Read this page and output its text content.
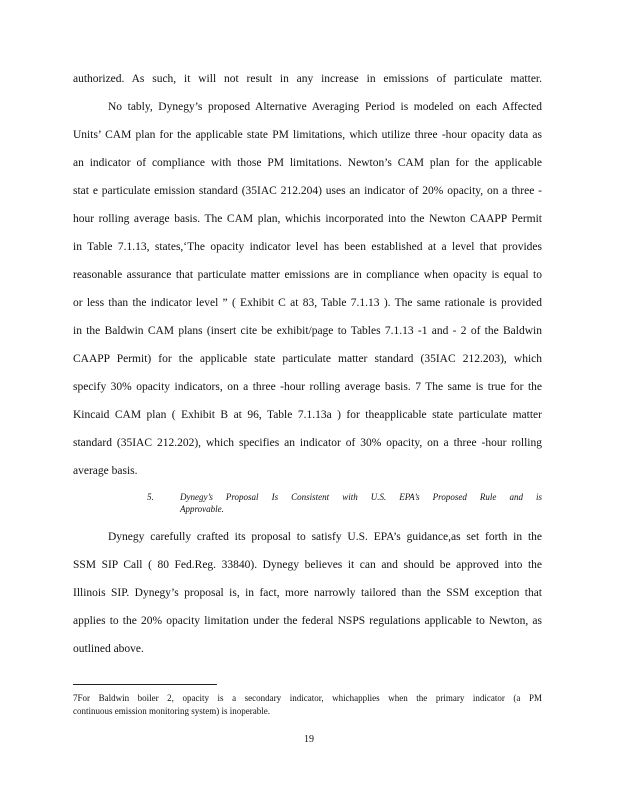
authorized. As such, it will not result in any increase in emissions of particulate matter.

No tably, Dynegy’s proposed Alternative Averaging Period is modeled on each Affected

Units’ CAM plan for the applicable state PM limitations, which utilize three -hour opacity data as

an indicator of compliance with those PM limitations. Newton’s CAM plan for the applicable

stat e particulate emission standard (35IAC 212.204) uses an indicator of 20% opacity, on a three -

hour rolling average basis. The CAM plan, whichis incorporated into the Newton CAAPP Permit

in Table 7.1.13, states,‘The opacity indicator level has been established at a level that provides

reasonable assurance that particulate matter emissions are in compliance when opacity is equal to

or less than the indicator level ” ( Exhibit C at 83, Table 7.1.13 ). The same rationale is provided

in the Baldwin CAM plans (insert cite be exhibit/page to Tables 7.1.13 -1 and - 2 of the Baldwin

CAAPP Permit) for the applicable state particulate matter standard (35IAC 212.203), which

specify 30% opacity indicators, on a three -hour rolling average basis. 7 The same is true for the

Kincaid CAM plan ( Exhibit B at 96, Table 7.1.13a ) for theapplicable state particulate matter

standard (35IAC 212.202), which specifies an indicator of 30% opacity, on a three -hour rolling

average basis.

5.	Dynegy’s Proposal Is Consistent with U.S. EPA’s Proposed Rule and is
Approvable.

Dynegy carefully crafted its proposal to satisfy U.S. EPA’s guidance,as set forth in the

SSM SIP Call ( 80 Fed.Reg. 33840). Dynegy believes it can and should be approved into the

Illinois SIP. Dynegy’s proposal is, in fact, more narrowly tailored than the SSM exception that

applies to the 20% opacity limitation under the federal NSPS regulations applicable to Newton, as

outlined above.

7For Baldwin boiler 2, opacity is a secondary indicator, whichapplies when the primary indicator (a PM

continuous emission monitoring system) is inoperable.

19
